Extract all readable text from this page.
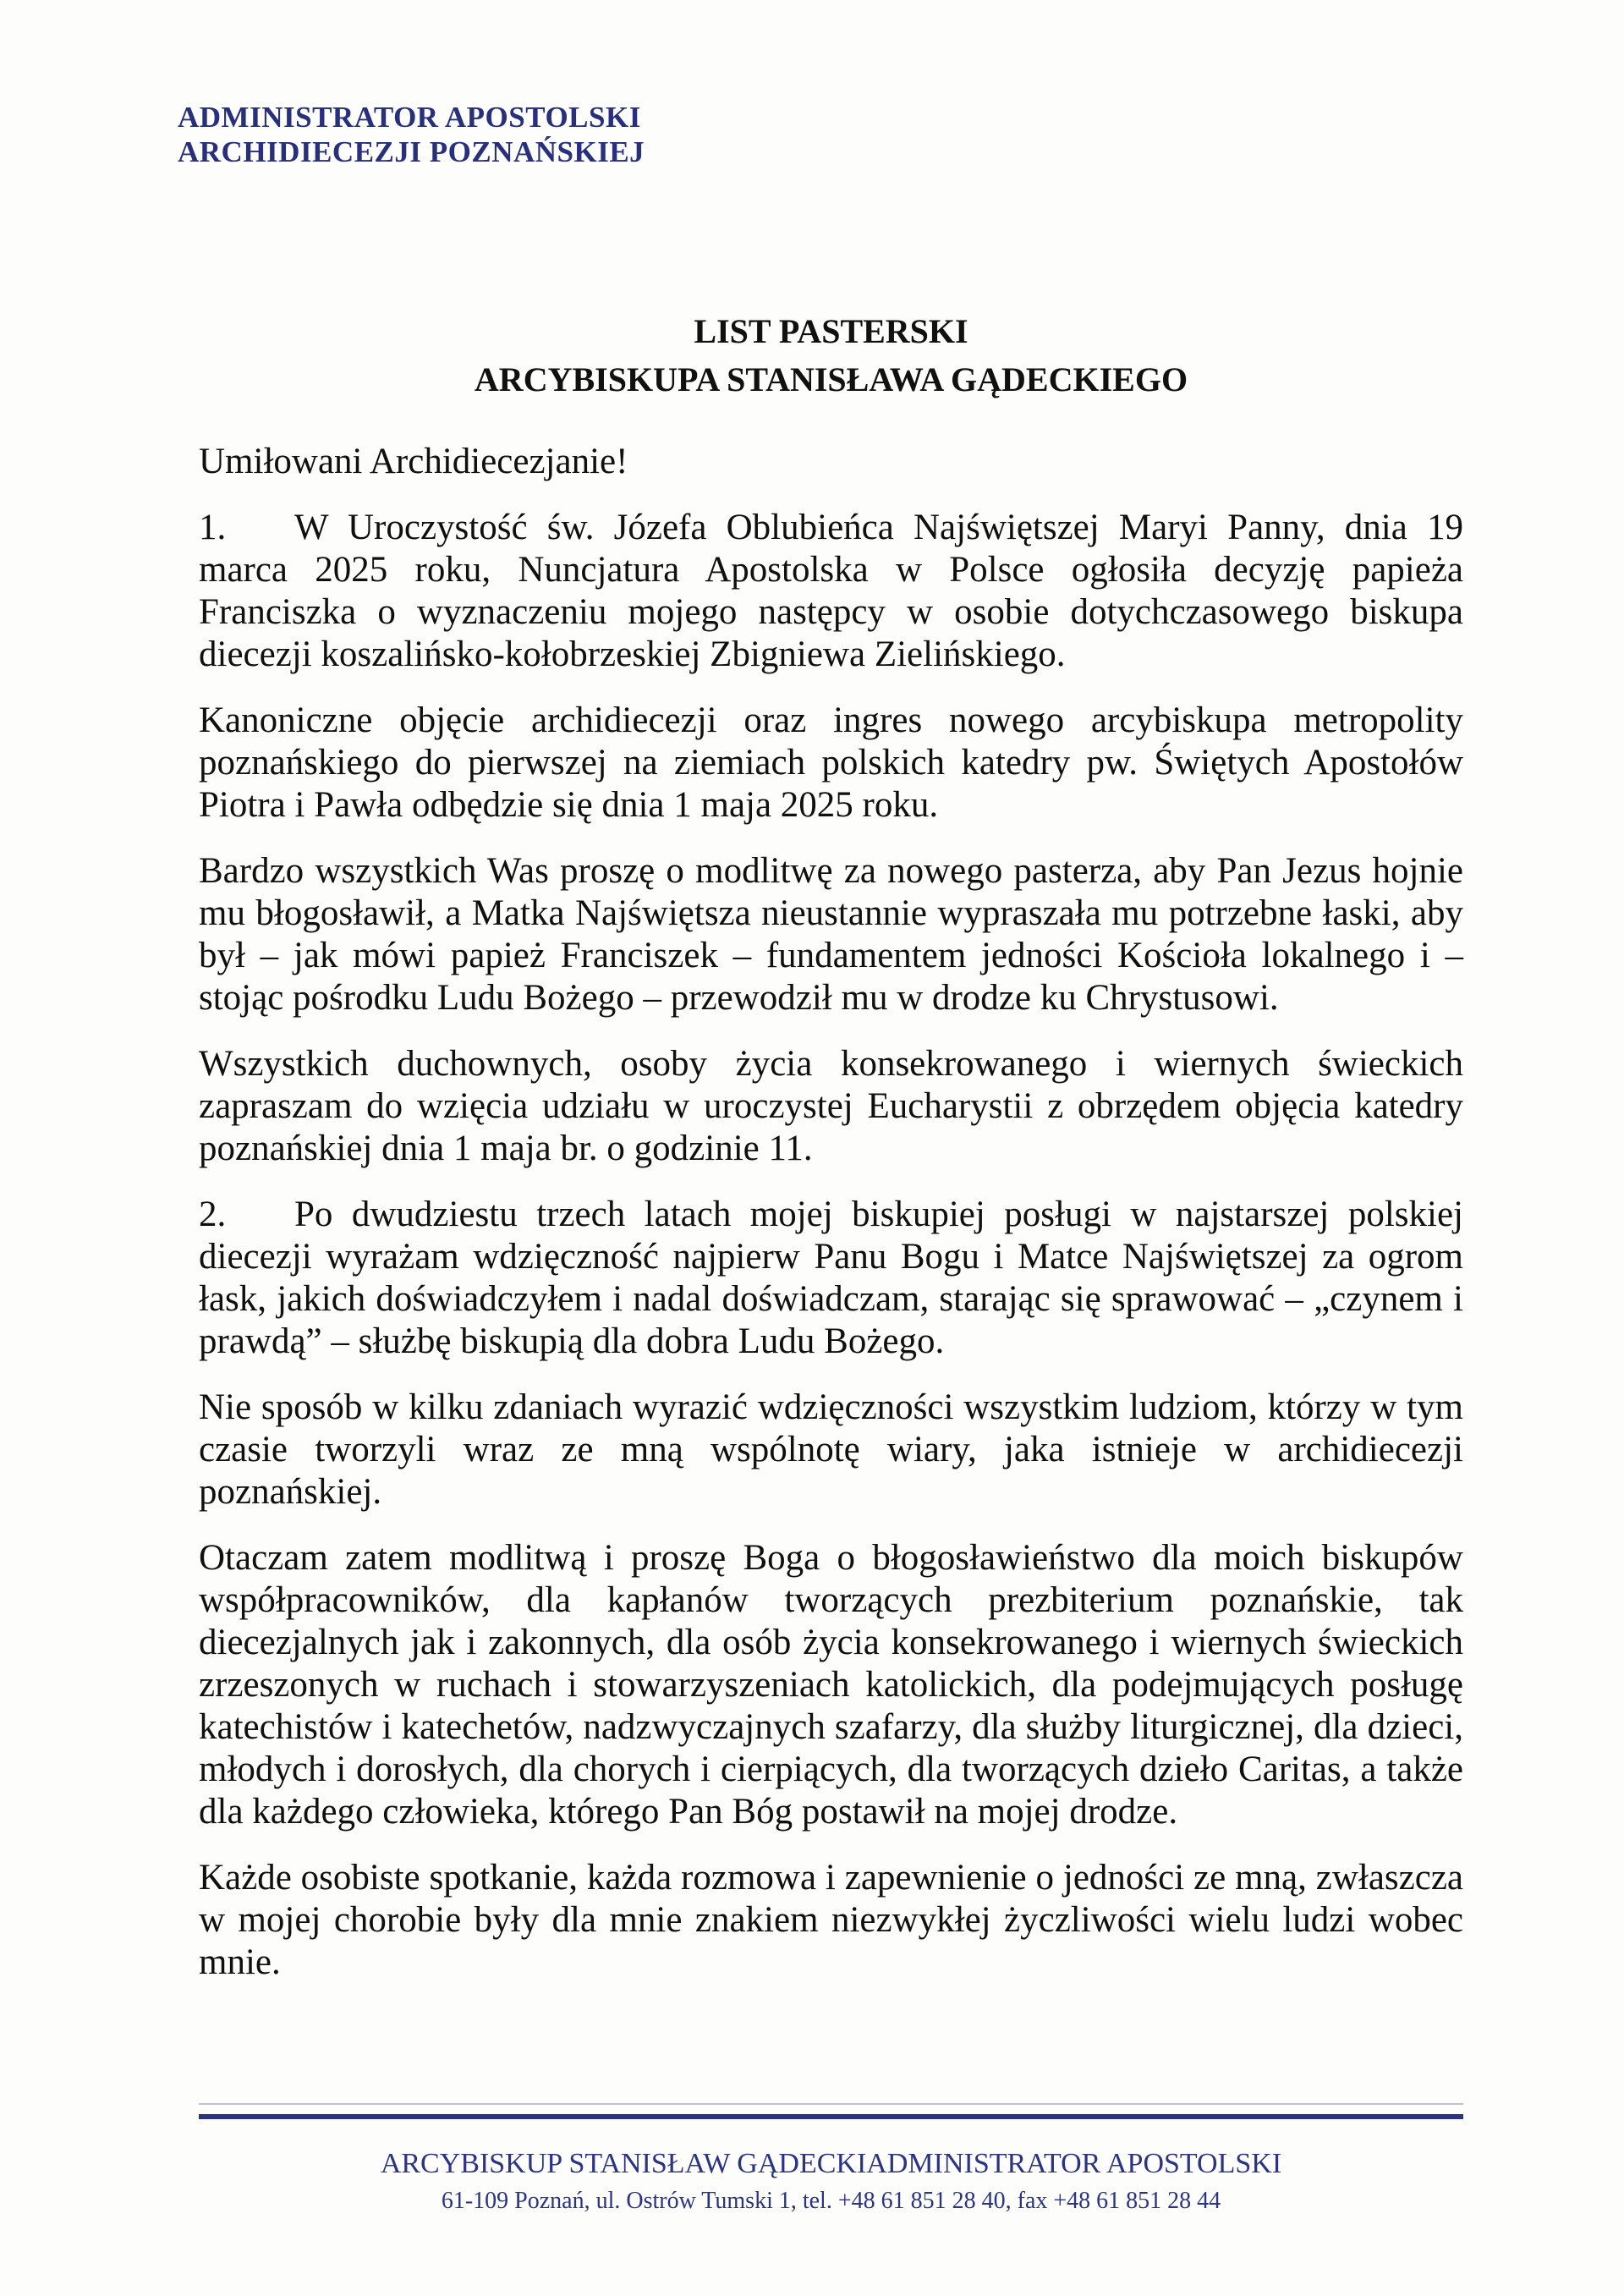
ADMINISTRATOR APOSTOLSKI
ARCHIDIECEZJI POZNAŃSKIEJ
LIST PASTERSKI
ARCYBISKUPA STANISŁAWA GĄDECKIEGO
Umiłowani Archidiecezjanie!
1. W Uroczystość św. Józefa Oblubieńca Najświętszej Maryi Panny, dnia 19 marca 2025 roku, Nuncjatura Apostolska w Polsce ogłosiła decyzję papieża Franciszka o wyznaczeniu mojego następcy w osobie dotychczasowego biskupa diecezji koszalińsko-kołobrzeskiej Zbigniewa Zielińskiego.
Kanoniczne objęcie archidiecezji oraz ingres nowego arcybiskupa metropolity poznańskiego do pierwszej na ziemiach polskich katedry pw. Świętych Apostołów Piotra i Pawła odbędzie się dnia 1 maja 2025 roku.
Bardzo wszystkich Was proszę o modlitwę za nowego pasterza, aby Pan Jezus hojnie mu błogosławił, a Matka Najświętsza nieustannie wypraszała mu potrzebne łaski, aby był – jak mówi papież Franciszek – fundamentem jedności Kościoła lokalnego i – stojąc pośrodku Ludu Bożego – przewodził mu w drodze ku Chrystusowi.
Wszystkich duchownych, osoby życia konsekrowanego i wiernych świeckich zapraszam do wzięcia udziału w uroczystej Eucharystii z obrzędem objęcia katedry poznańskiej dnia 1 maja br. o godzinie 11.
2. Po dwudziestu trzech latach mojej biskupiej posługi w najstarszej polskiej diecezji wyrażam wdzięczność najpierw Panu Bogu i Matce Najświętszej za ogrom łask, jakich doświadczyłem i nadal doświadczam, starając się sprawować – „czynem i prawdą” – służbę biskupią dla dobra Ludu Bożego.
Nie sposób w kilku zdaniach wyrazić wdzięczności wszystkim ludziom, którzy w tym czasie tworzyli wraz ze mną wspólnotę wiary, jaka istnieje w archidiecezji poznańskiej.
Otaczam zatem modlitwą i proszę Boga o błogosławieństwo dla moich biskupów współpracowników, dla kapłanów tworzących prezbiterium poznańskie, tak diecezjalnych jak i zakonnych, dla osób życia konsekrowanego i wiernych świeckich zrzeszonych w ruchach i stowarzyszeniach katolickich, dla podejmujących posługę katechistów i katechetów, nadzwyczajnych szafarzy, dla służby liturgicznej, dla dzieci, młodych i dorosłych, dla chorych i cierpiących, dla tworzących dzieło Caritas, a także dla każdego człowieka, którego Pan Bóg postawił na mojej drodze.
Każde osobiste spotkanie, każda rozmowa i zapewnienie o jedności ze mną, zwłaszcza w mojej chorobie były dla mnie znakiem niezwykłej życzliwości wielu ludzi wobec mnie.
ARCYBISKUP STANISŁAW GĄDECKIADMINISTRATOR APOSTOLSKI
61-109 Poznań, ul. Ostrów Tumski 1, tel. +48 61 851 28 40, fax +48 61 851 28 44
